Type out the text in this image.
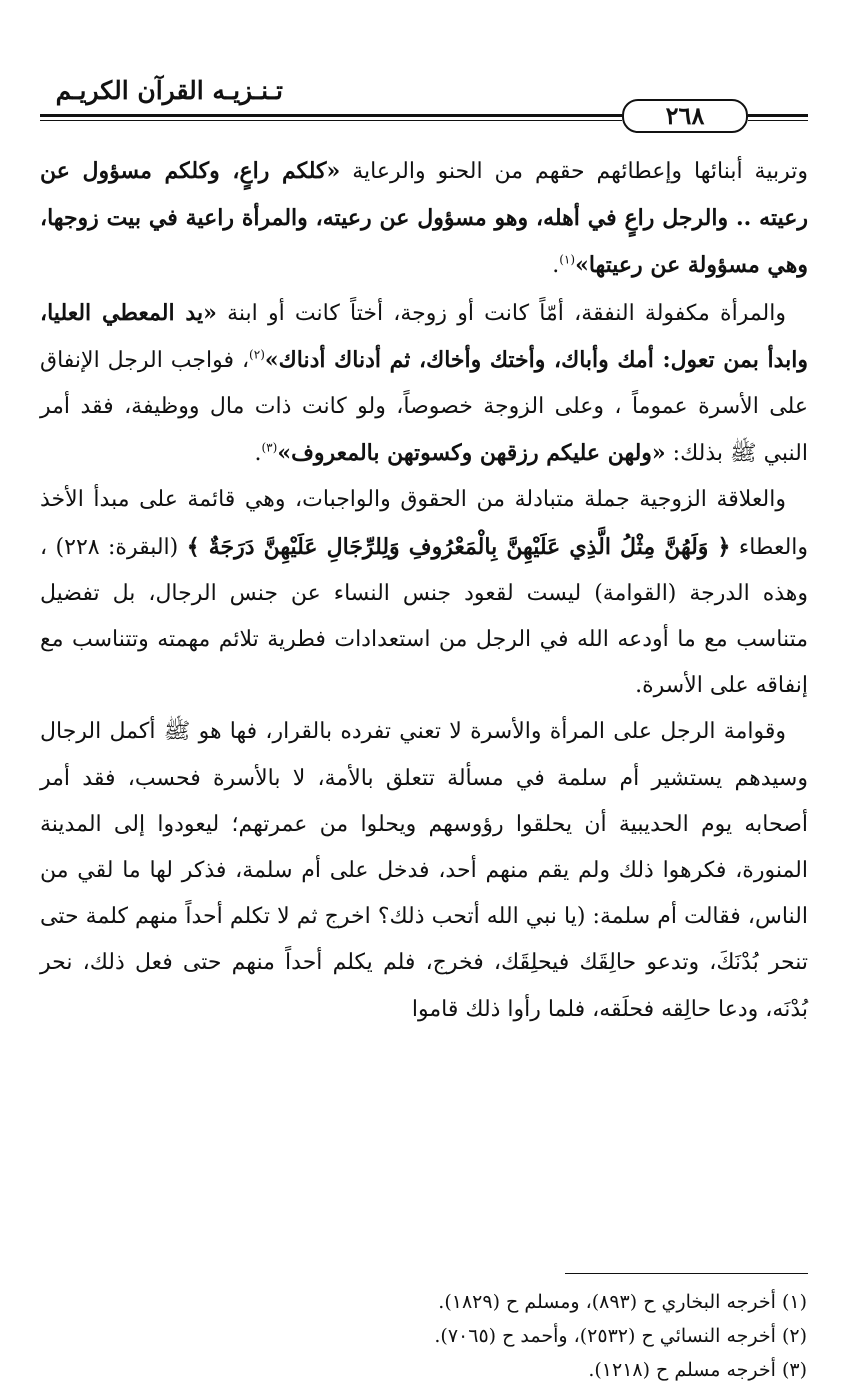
تـنـزيـه القرآن الكريـم
٢٦٨

وتربية أبنائها وإعطائهم حقهم من الحنو والرعاية «كلكم راعٍ، وكلكم مسؤول عن رعيته .. والرجل راعٍ في أهله، وهو مسؤول عن رعيته، والمرأة راعية في بيت زوجها، وهي مسؤولة عن رعيتها»$^{(١)}$.

والمرأة مكفولة النفقة، أمّاً كانت أو زوجة، أختاً كانت أو ابنة «يد المعطي العليا، وابدأ بمن تعول: أمك وأباك، وأختك وأخاك، ثم أدناك أدناك»$^{(٢)}$، فواجب الرجل الإنفاق على الأسرة عموماً ، وعلى الزوجة خصوصاً، ولو كانت ذات مال ووظيفة، فقد أمر النبي ﷺ بذلك: «ولهن عليكم رزقهن وكسوتهن بالمعروف»$^{(٣)}$.

والعلاقة الزوجية جملة متبادلة من الحقوق والواجبات، وهي قائمة على مبدأ الأخذ والعطاء ﴿ وَلَهُنَّ مِثْلُ الَّذِي عَلَيْهِنَّ بِالْمَعْرُوفِ وَلِلرِّجَالِ عَلَيْهِنَّ دَرَجَةٌ ﴾ (البقرة: ٢٢٨) ، وهذه الدرجة (القوامة) ليست لقعود جنس النساء عن جنس الرجال، بل تفضيل متناسب مع ما أودعه الله في الرجل من استعدادات فطرية تلائم مهمته وتتناسب مع إنفاقه على الأسرة.

وقوامة الرجل على المرأة والأسرة لا تعني تفرده بالقرار، فها هو ﷺ أكمل الرجال وسيدهم يستشير أم سلمة في مسألة تتعلق بالأمة، لا بالأسرة فحسب، فقد أمر أصحابه يوم الحديبية أن يحلقوا رؤوسهم ويحلوا من عمرتهم؛ ليعودوا إلى المدينة المنورة، فكرهوا ذلك ولم يقم منهم أحد، فدخل على أم سلمة، فذكر لها ما لقي من الناس، فقالت أم سلمة: (يا نبي الله أتحب ذلك؟ اخرج ثم لا تكلم أحداً منهم كلمة حتى تنحر بُدْنَكَ، وتدعو حالِقَك فيحلِقَك، فخرج، فلم يكلم أحداً منهم حتى فعل ذلك، نحر بُدْنَه، ودعا حالِقه فحلَقه، فلما رأوا ذلك قاموا

(١) أخرجه البخاري ح (٨٩٣)، ومسلم ح (١٨٢٩).
(٢) أخرجه النسائي ح (٢٥٣٢)، وأحمد ح (٧٠٦٥).
(٣) أخرجه مسلم ح (١٢١٨).
